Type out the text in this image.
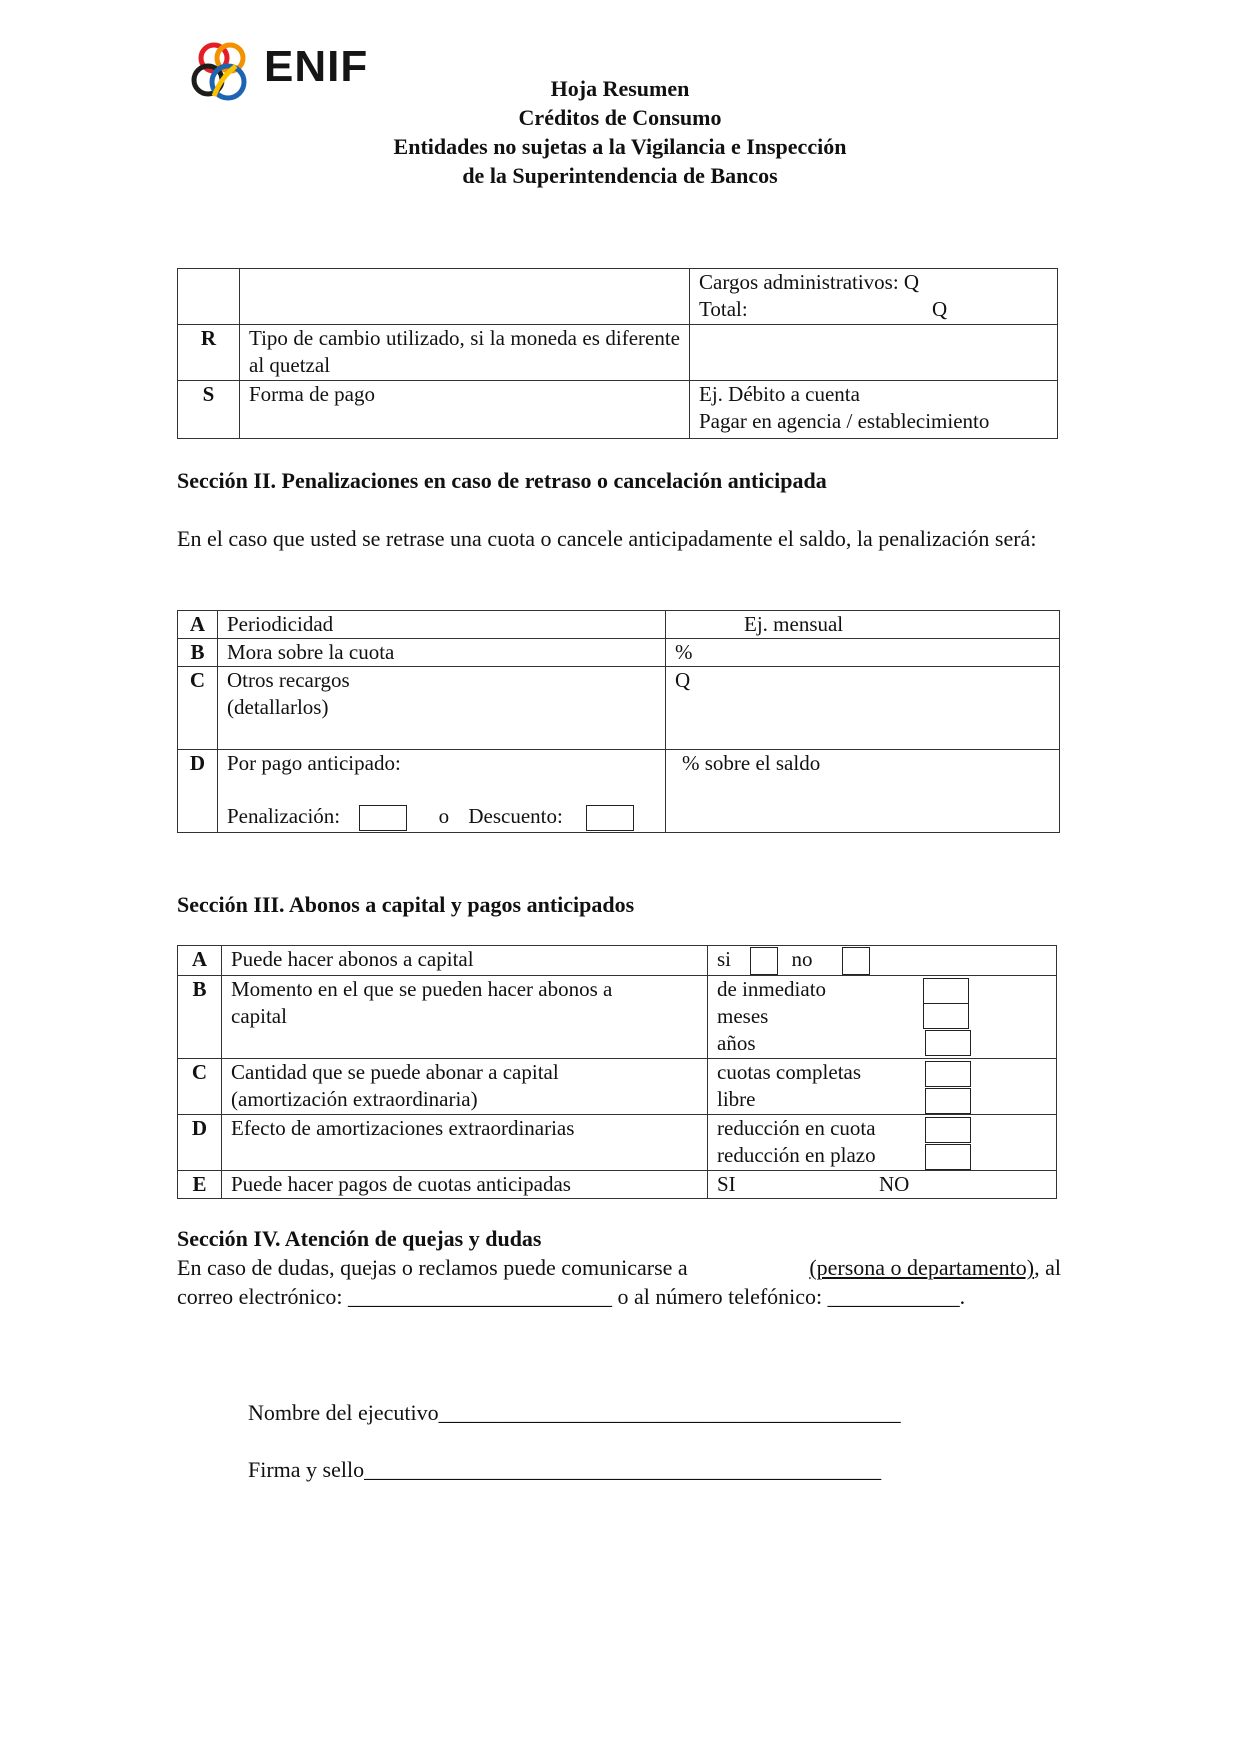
ENIF	Hoja Resumen
Créditos de Consumo
Entidades no sujetas a la Vigilancia e Inspección
de la Superintendencia de Bancos

		Cargos administrativos: Q
Total: Q

R	Tipo de cambio utilizado, si la moneda es diferente al quetzal	
S	Forma de pago	Ej. Débito a cuenta
Pagar en agencia / establecimiento
Sección II. Penalizaciones en caso de retraso o cancelación anticipada
En el caso que usted se retrase una cuota o cancele anticipadamente el saldo, la penalización será:
A	Periodicidad	Ej. mensual
B	Mora sobre la cuota	%
C	Otros recargos
(detallarlos)	Q
D	Por pago anticipado:
Penalización: o Descuento:	% sobre el saldo
Sección III. Abonos a capital y pagos anticipados
A	Puede hacer abonos a capital	si no
B	Momento en el que se pueden hacer abonos a capital	de inmediato
meses
años

C	Cantidad que se puede abonar a capital (amortización extraordinaria)	cuotas completas
libre

D	Efecto de amortizaciones extraordinarias	reducción en cuota
reducción en plazo

E	Puede hacer pagos de cuotas anticipadas	SI NO
Sección IV. Atención de quejas y dudas
En caso de dudas, quejas o reclamos puede comunicarse a	(persona o departamento), al
correo electrónico: ________________________ o al número telefónico: ____________.
Nombre del ejecutivo__________________________________________
Firma y sello_______________________________________________
